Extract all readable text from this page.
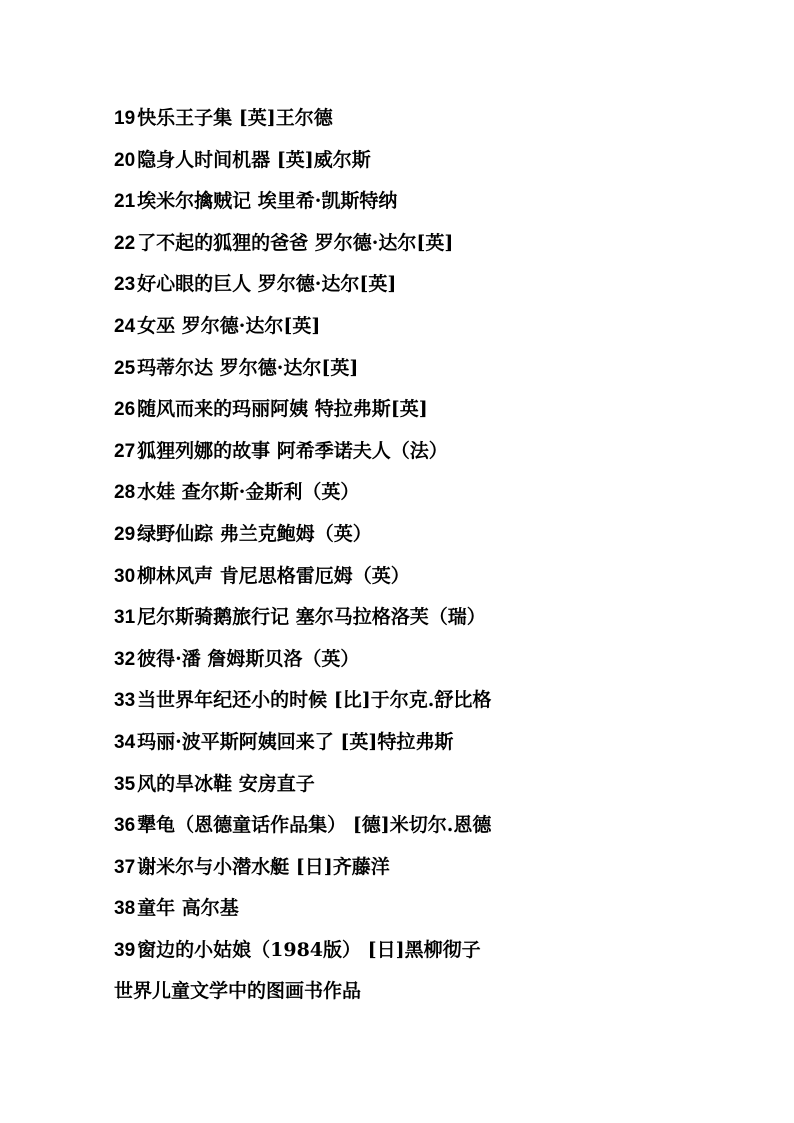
19 快乐王子集 [英]王尔德
20 隐身人时间机器 [英]威尔斯
21 埃米尔擒贼记 埃里希·凯斯特纳
22 了不起的狐狸的爸爸 罗尔德·达尔[英]
23 好心眼的巨人 罗尔德·达尔[英]
24 女巫 罗尔德·达尔[英]
25 玛蒂尔达 罗尔德·达尔[英]
26 随风而来的玛丽阿姨 特拉弗斯[英]
27 狐狸列娜的故事 阿希季诺夫人（法）
28 水娃 查尔斯·金斯利（英）
29 绿野仙踪 弗兰克鲍姆（英）
30 柳林风声 肯尼思格雷厄姆（英）
31 尼尔斯骑鹅旅行记 塞尔马拉格洛芙（瑞）
32 彼得·潘 詹姆斯贝洛（英）
33 当世界年纪还小的时候 [比]于尔克.舒比格
34 玛丽·波平斯阿姨回来了 [英]特拉弗斯
35 风的旱冰鞋 安房直子
36 犟龟（恩德童话作品集） [德]米切尔.恩德
37 谢米尔与小潜水艇 [日]齐藤洋
38 童年 高尔基
39 窗边的小姑娘（1984版） [日]黑柳彻子
世界儿童文学中的图画书作品
